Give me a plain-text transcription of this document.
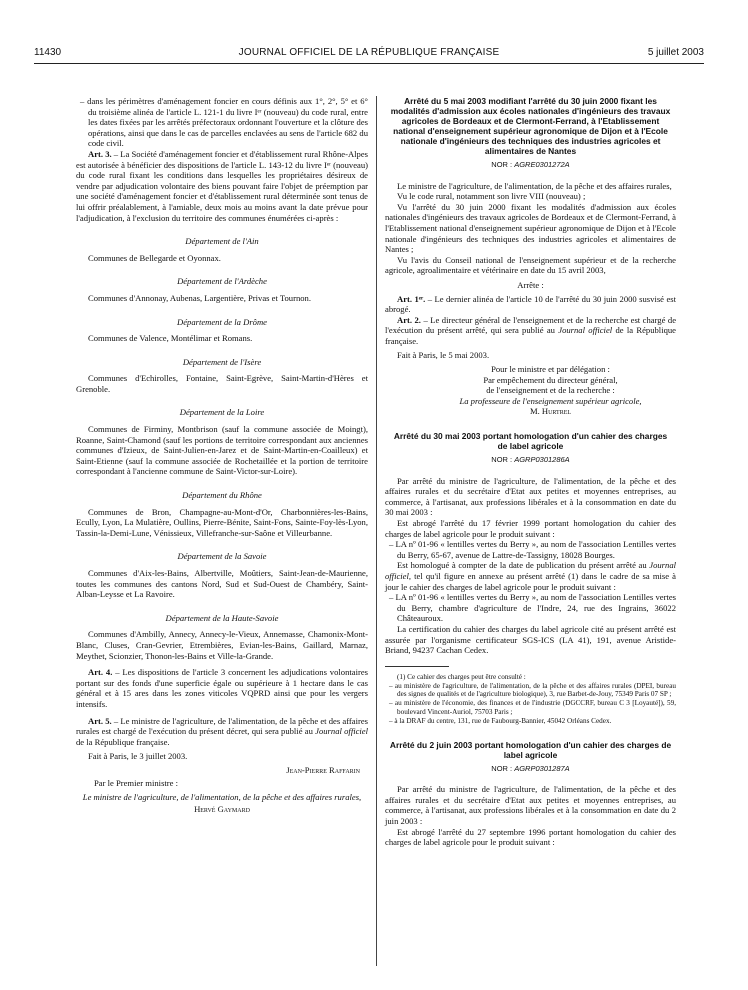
11430	JOURNAL OFFICIEL DE LA RÉPUBLIQUE FRANÇAISE	5 juillet 2003

– dans les périmètres d'aménagement foncier en cours définis aux 1°, 2°, 5° et 6° du troisième alinéa de l'article L. 121-1 du livre Iᵉʳ (nouveau) du code rural, entre les dates fixées par les arrêtés préfectoraux ordonnant l'ouverture et la clôture des opérations, ainsi que dans le cas de parcelles enclavées au sens de l'article 682 du code civil.

Art. 3. – La Société d'aménagement foncier et d'établissement rural Rhône-Alpes est autorisée à bénéficier des dispositions de l'article L. 143-12 du livre Iᵉʳ (nouveau) du code rural fixant les conditions dans lesquelles les propriétaires désireux de vendre par adjudication volontaire des biens pouvant faire l'objet de préemption par une société d'aménagement foncier et d'établissement rural déterminée sont tenus de lui offrir préalablement, à l'amiable, deux mois au moins avant la date prévue pour l'adjudication, à l'exclusion du territoire des communes énumérées ci-après :

Département de l'Ain

Communes de Bellegarde et Oyonnax.

Département de l'Ardèche

Communes d'Annonay, Aubenas, Largentière, Privas et Tournon.

Département de la Drôme

Communes de Valence, Montélimar et Romans.

Département de l'Isère

Communes d'Echirolles, Fontaine, Saint-Egrève, Saint-Martin-d'Hères et Grenoble.

Département de la Loire

Communes de Firminy, Montbrison (sauf la commune associée de Moingt), Roanne, Saint-Chamond (sauf les portions de territoire correspondant aux anciennes communes d'Izieux, de Saint-Julien-en-Jarez et de Saint-Martin-en-Coailleux) et Saint-Etienne (sauf la commune associée de Rochetaillée et la portion de territoire correspondant à l'ancienne commune de Saint-Victor-sur-Loire).

Département du Rhône

Communes de Bron, Champagne-au-Mont-d'Or, Charbonnières-les-Bains, Ecully, Lyon, La Mulatière, Oullins, Pierre-Bénite, Saint-Fons, Sainte-Foy-lès-Lyon, Tassin-la-Demi-Lune, Vénissieux, Villefranche-sur-Saône et Villeurbanne.

Département de la Savoie

Communes d'Aix-les-Bains, Albertville, Moûtiers, Saint-Jean-de-Maurienne, toutes les communes des cantons Nord, Sud et Sud-Ouest de Chambéry, Saint-Alban-Leysse et La Ravoire.

Département de la Haute-Savoie

Communes d'Ambilly, Annecy, Annecy-le-Vieux, Annemasse, Chamonix-Mont-Blanc, Cluses, Cran-Gevrier, Etrembières, Evian-les-Bains, Gaillard, Marnaz, Meythet, Scionzier, Thonon-les-Bains et Ville-la-Grande.

Art. 4. – Les dispositions de l'article 3 concernent les adjudications volontaires portant sur des fonds d'une superficie égale ou supérieure à 1 hectare dans le cas général et à 15 ares dans les zones viticoles VQPRD ainsi que pour les vergers intensifs.

Art. 5. – Le ministre de l'agriculture, de l'alimentation, de la pêche et des affaires rurales est chargé de l'exécution du présent décret, qui sera publié au Journal officiel de la République française.

Fait à Paris, le 3 juillet 2003.

Jean-Pierre Raffarin

Par le Premier ministre :

Le ministre de l'agriculture, de l'alimentation, de la pêche et des affaires rurales,

Hervé Gaymard

Arrêté du 5 mai 2003 modifiant l'arrêté du 30 juin 2000 fixant les modalités d'admission aux écoles nationales d'ingénieurs des travaux agricoles de Bordeaux et de Clermont-Ferrand, à l'Etablissement national d'enseignement supérieur agronomique de Dijon et à l'Ecole nationale d'ingénieurs des techniques des industries agricoles et alimentaires de Nantes
NOR : AGRE0301272A

Le ministre de l'agriculture, de l'alimentation, de la pêche et des affaires rurales,

Vu le code rural, notamment son livre VIII (nouveau) ;

Vu l'arrêté du 30 juin 2000 fixant les modalités d'admission aux écoles nationales d'ingénieurs des travaux agricoles de Bordeaux et de Clermont-Ferrand, à l'Etablissement national d'enseignement supérieur agronomique de Dijon et à l'Ecole nationale d'ingénieurs des techniques des industries agricoles et alimentaires de Nantes ;

Vu l'avis du Conseil national de l'enseignement supérieur et de la recherche agricole, agroalimentaire et vétérinaire en date du 15 avril 2003,

Arrête :

Art. 1ᵉʳ. – Le dernier alinéa de l'article 10 de l'arrêté du 30 juin 2000 susvisé est abrogé.

Art. 2. – Le directeur général de l'enseignement et de la recherche est chargé de l'exécution du présent arrêté, qui sera publié au Journal officiel de la République française.

Fait à Paris, le 5 mai 2003.

Pour le ministre et par délégation :
Par empêchement du directeur général,
de l'enseignement et de la recherche :
La professeure de l'enseignement supérieur agricole,
M. Hurtrel
Arrêté du 30 mai 2003 portant homologation d'un cahier des charges de label agricole
NOR : AGRP0301286A

Par arrêté du ministre de l'agriculture, de l'alimentation, de la pêche et des affaires rurales et du secrétaire d'Etat aux petites et moyennes entreprises, au commerce, à l'artisanat, aux professions libérales et à la consommation en date du 30 mai 2003 :

Est abrogé l'arrêté du 17 février 1999 portant homologation du cahier des charges de label agricole pour le produit suivant :

– LA nº 01-96 « lentilles vertes du Berry », au nom de l'association Lentilles vertes du Berry, 65-67, avenue de Lattre-de-Tassigny, 18028 Bourges.

Est homologué à compter de la date de publication du présent arrêté au Journal officiel, tel qu'il figure en annexe au présent arrêté (1) dans le cadre de sa mise à jour le cahier des charges de label agricole pour le produit suivant :

– LA nº 01-96 « lentilles vertes du Berry », au nom de l'association Lentilles vertes du Berry, chambre d'agriculture de l'Indre, 24, rue des Ingrains, 36022 Châteauroux.

La certification du cahier des charges du label agricole cité au présent arrêté est assurée par l'organisme certificateur SGS-ICS (LA 41), 191, avenue Aristide-Briand, 94237 Cachan Cedex.

(1) Ce cahier des charges peut être consulté :

– au ministère de l'agriculture, de l'alimentation, de la pêche et des affaires rurales (DPEI, bureau des signes de qualités et de l'agriculture biologique), 3, rue Barbet-de-Jouy, 75349 Paris 07 SP ;

– au ministère de l'économie, des finances et de l'industrie (DGCCRF, bureau C 3 [Loyauté]), 59, boulevard Vincent-Auriol, 75703 Paris ;

– à la DRAF du centre, 131, rue de Faubourg-Bannier, 45042 Orléans Cedex.

Arrêté du 2 juin 2003 portant homologation d'un cahier des charges de label agricole
NOR : AGRP0301287A

Par arrêté du ministre de l'agriculture, de l'alimentation, de la pêche et des affaires rurales et du secrétaire d'Etat aux petites et moyennes entreprises, au commerce, à l'artisanat, aux professions libérales et à la consommation en date du 2 juin 2003 :

Est abrogé l'arrêté du 27 septembre 1996 portant homologation du cahier des charges de label agricole pour le produit suivant :
